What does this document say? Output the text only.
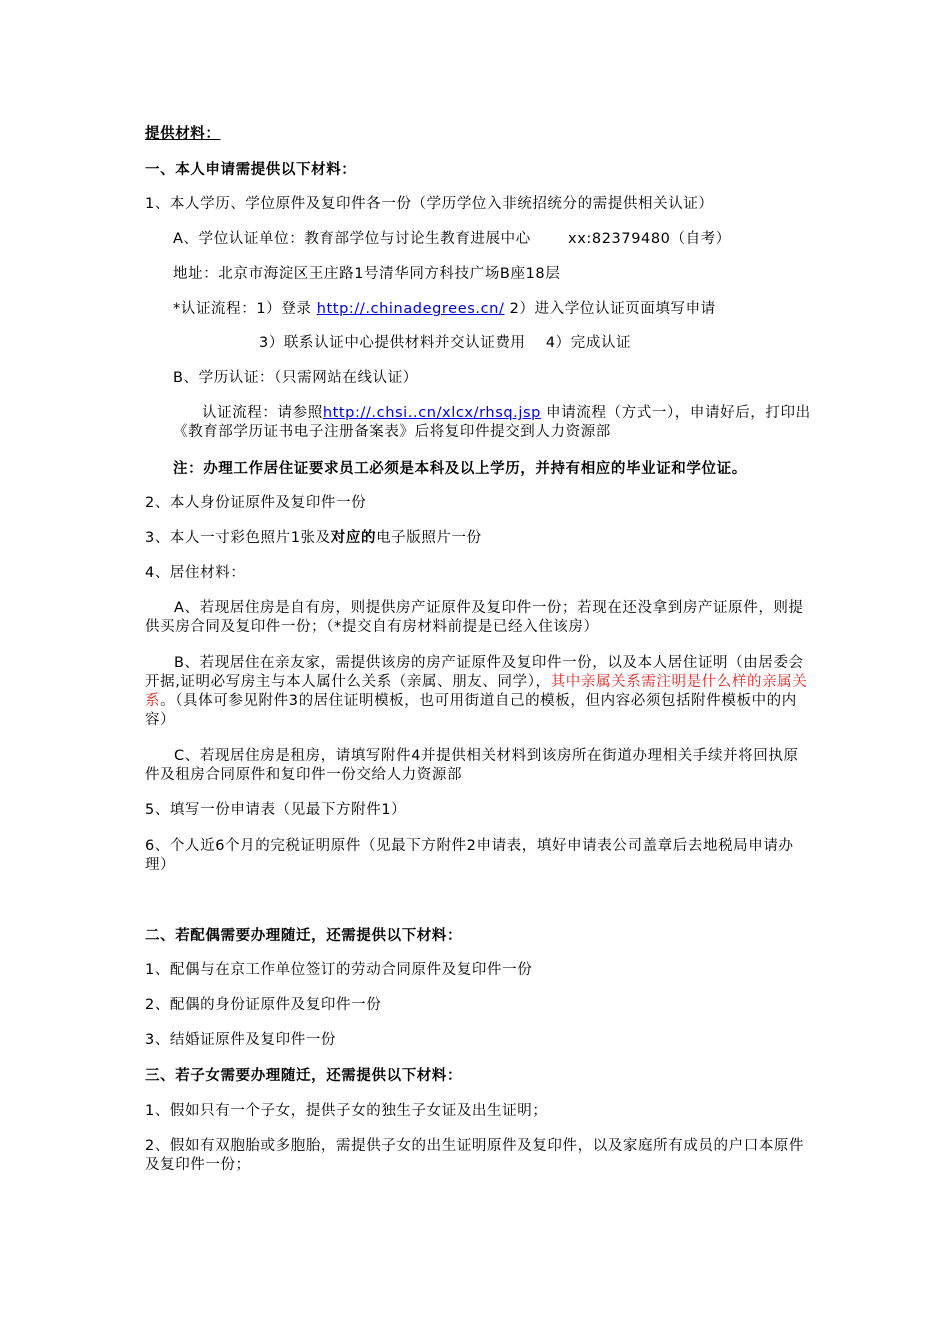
提供材料：
一、本人申请需提供以下材料：
1、本人学历、学位原件及复印件各一份（学历学位入非统招统分的需提供相关认证）
A、学位认证单位：教育部学位与讨论生教育进展中心	xx:82379480（自考）
地址：北京市海淀区王庄路1号清华同方科技广场B座18层
*认证流程：1）登录 http://.chinadegrees.cn/ 2）进入学位认证页面填写申请
3）联系认证中心提供材料并交认证费用　 4）完成认证
B、学历认证：（只需网站在线认证）
认证流程：请参照http://.chsi..cn/xlcx/rhsq.jsp 申请流程（方式一），申请好后，打印出《教育部学历证书电子注册备案表》后将复印件提交到人力资源部
注：办理工作居住证要求员工必须是本科及以上学历，并持有相应的毕业证和学位证。
2、本人身份证原件及复印件一份
3、本人一寸彩色照片1张及对应的电子版照片一份
4、居住材料：
A、若现居住房是自有房，则提供房产证原件及复印件一份；若现在还没拿到房产证原件，则提供买房合同及复印件一份；（*提交自有房材料前提是已经入住该房）
B、若现居住在亲友家，需提供该房的房产证原件及复印件一份，以及本人居住证明（由居委会开据,证明必写房主与本人属什么关系（亲属、朋友、同学），其中亲属关系需注明是什么样的亲属关系。（具体可参见附件3的居住证明模板，也可用街道自己的模板，但内容必须包括附件模板中的内容）
C、若现居住房是租房，请填写附件4并提供相关材料到该房所在街道办理相关手续并将回执原件及租房合同原件和复印件一份交给人力资源部
5、填写一份申请表（见最下方附件1）
6、个人近6个月的完税证明原件（见最下方附件2申请表，填好申请表公司盖章后去地税局申请办理）
二、若配偶需要办理随迁，还需提供以下材料：
1、配偶与在京工作单位签订的劳动合同原件及复印件一份
2、配偶的身份证原件及复印件一份
3、结婚证原件及复印件一份
三、若子女需要办理随迁，还需提供以下材料：
1、假如只有一个子女，提供子女的独生子女证及出生证明；
2、假如有双胞胎或多胞胎，需提供子女的出生证明原件及复印件，以及家庭所有成员的户口本原件及复印件一份；
